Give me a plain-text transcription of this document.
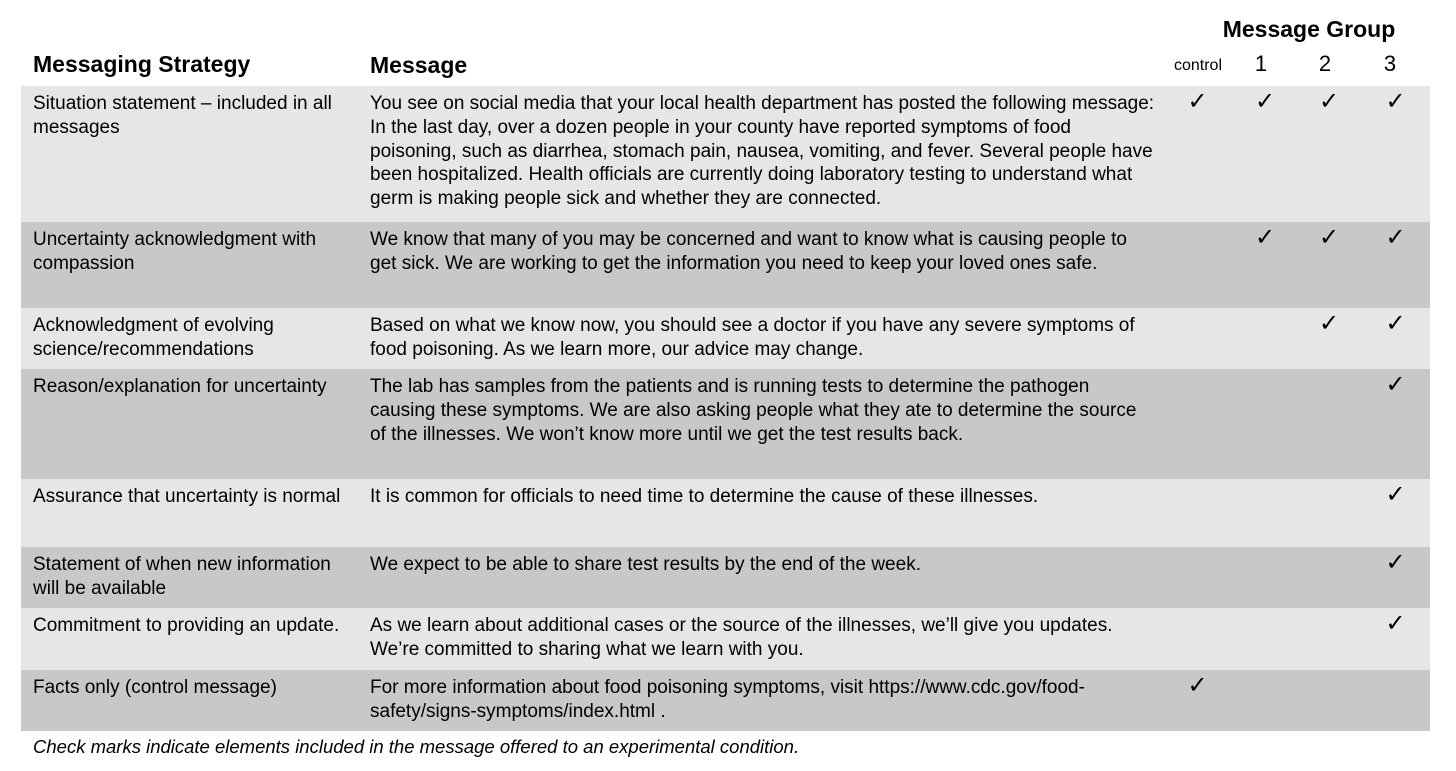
Message Group
Messaging Strategy	Message	control	1	2	3
Situation statement – included in all messages	You see on social media that your local health department has posted the following message: In the last day, over a dozen people in your county have reported symptoms of food poisoning, such as diarrhea, stomach pain, nausea, vomiting, and fever. Several people have been hospitalized. Health officials are currently doing laboratory testing to understand what germ is making people sick and whether they are connected.	✓	✓	✓	✓
Uncertainty acknowledgment with compassion	We know that many of you may be concerned and want to know what is causing people to get sick. We are working to get the information you need to keep your loved ones safe.		✓	✓	✓
Acknowledgment of evolving science/recommendations	Based on what we know now, you should see a doctor if you have any severe symptoms of food poisoning. As we learn more, our advice may change.			✓	✓
Reason/explanation for uncertainty	The lab has samples from the patients and is running tests to determine the pathogen causing these symptoms. We are also asking people what they ate to determine the source of the illnesses. We won’t know more until we get the test results back.				✓
Assurance that uncertainty is normal	It is common for officials to need time to determine the cause of these illnesses.				✓
Statement of when new information will be available	We expect to be able to share test results by the end of the week.				✓
Commitment to providing an update.	As we learn about additional cases or the source of the illnesses, we’ll give you updates. We’re committed to sharing what we learn with you.				✓
Facts only (control message)	For more information about food poisoning symptoms, visit https://www.cdc.gov/food-safety/signs-symptoms/index.html .	✓			
Check marks indicate elements included in the message offered to an experimental condition.
